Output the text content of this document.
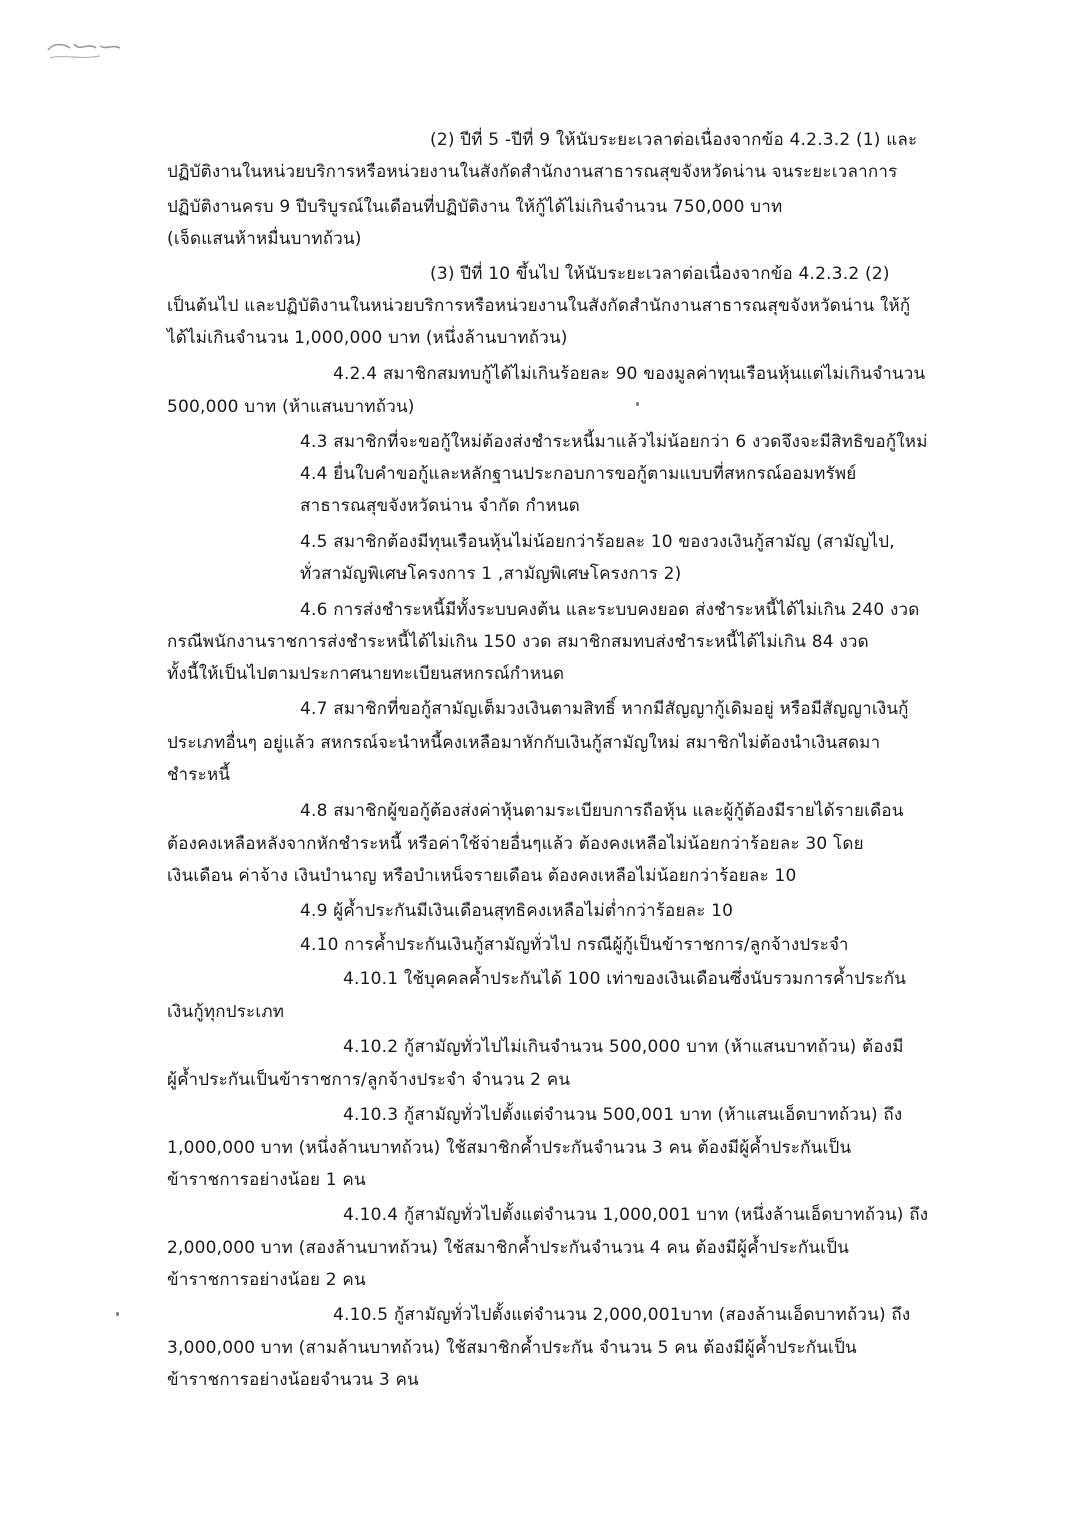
(2) ปีที่ 5 -ปีที่ 9 ให้นับระยะเวลาต่อเนื่องจากข้อ 4.2.3.2 (1) และ
ปฏิบัติงานในหน่วยบริการหรือหน่วยงานในสังกัดสำนักงานสาธารณสุขจังหวัดน่าน จนระยะเวลาการ
ปฏิบัติงานครบ 9 ปีบริบูรณ์ในเดือนที่ปฏิบัติงาน ให้กู้ได้ไม่เกินจำนวน 750,000 บาท
(เจ็ดแสนห้าหมื่นบาทถ้วน)
(3) ปีที่ 10 ขึ้นไป ให้นับระยะเวลาต่อเนื่องจากข้อ 4.2.3.2 (2)
เป็นต้นไป และปฏิบัติงานในหน่วยบริการหรือหน่วยงานในสังกัดสำนักงานสาธารณสุขจังหวัดน่าน ให้กู้
ได้ไม่เกินจำนวน 1,000,000 บาท (หนึ่งล้านบาทถ้วน)
4.2.4 สมาชิกสมทบกู้ได้ไม่เกินร้อยละ 90 ของมูลค่าทุนเรือนหุ้นแต่ไม่เกินจำนวน
500,000 บาท (ห้าแสนบาทถ้วน)
4.3 สมาชิกที่จะขอกู้ใหม่ต้องส่งชำระหนี้มาแล้วไม่น้อยกว่า 6 งวดจึงจะมีสิทธิขอกู้ใหม่
4.4 ยื่นใบคำขอกู้และหลักฐานประกอบการขอกู้ตามแบบที่สหกรณ์ออมทรัพย์
สาธารณสุขจังหวัดน่าน จำกัด กำหนด
4.5 สมาชิกต้องมีทุนเรือนหุ้นไม่น้อยกว่าร้อยละ 10 ของวงเงินกู้สามัญ (สามัญไป,
ทั่วสามัญพิเศษโครงการ 1 ,สามัญพิเศษโครงการ 2)
4.6 การส่งชำระหนี้มีทั้งระบบคงต้น และระบบคงยอด ส่งชำระหนี้ได้ไม่เกิน 240 งวด
กรณีพนักงานราชการส่งชำระหนี้ได้ไม่เกิน 150 งวด สมาชิกสมทบส่งชำระหนี้ได้ไม่เกิน 84 งวด
ทั้งนี้ให้เป็นไปตามประกาศนายทะเบียนสหกรณ์กำหนด
4.7 สมาชิกที่ขอกู้สามัญเต็มวงเงินตามสิทธิ์ หากมีสัญญากู้เดิมอยู่ หรือมีสัญญาเงินกู้
ประเภทอื่นๆ อยู่แล้ว สหกรณ์จะนำหนี้คงเหลือมาหักกับเงินกู้สามัญใหม่ สมาชิกไม่ต้องนำเงินสดมา
ชำระหนี้
4.8 สมาชิกผู้ขอกู้ต้องส่งค่าหุ้นตามระเบียบการถือหุ้น และผู้กู้ต้องมีรายได้รายเดือน
ต้องคงเหลือหลังจากหักชำระหนี้ หรือค่าใช้จ่ายอื่นๆแล้ว ต้องคงเหลือไม่น้อยกว่าร้อยละ 30 โดย
เงินเดือน ค่าจ้าง เงินบำนาญ หรือบำเหน็จรายเดือน ต้องคงเหลือไม่น้อยกว่าร้อยละ 10
4.9 ผู้ค้ำประกันมีเงินเดือนสุทธิคงเหลือไม่ต่ำกว่าร้อยละ 10
4.10 การค้ำประกันเงินกู้สามัญทั่วไป กรณีผู้กู้เป็นข้าราชการ/ลูกจ้างประจำ
4.10.1 ใช้บุคคลค้ำประกันได้ 100 เท่าของเงินเดือนซึ่งนับรวมการค้ำประกัน
เงินกู้ทุกประเภท
4.10.2 กู้สามัญทั่วไปไม่เกินจำนวน 500,000 บาท (ห้าแสนบาทถ้วน) ต้องมี
ผู้ค้ำประกันเป็นข้าราชการ/ลูกจ้างประจำ จำนวน 2 คน
4.10.3 กู้สามัญทั่วไปตั้งแต่จำนวน 500,001 บาท (ห้าแสนเอ็ดบาทถ้วน) ถึง
1,000,000 บาท (หนึ่งล้านบาทถ้วน) ใช้สมาชิกค้ำประกันจำนวน 3 คน ต้องมีผู้ค้ำประกันเป็น
ข้าราชการอย่างน้อย 1 คน
4.10.4 กู้สามัญทั่วไปตั้งแต่จำนวน 1,000,001 บาท (หนึ่งล้านเอ็ดบาทถ้วน) ถึง
2,000,000 บาท (สองล้านบาทถ้วน) ใช้สมาชิกค้ำประกันจำนวน 4 คน ต้องมีผู้ค้ำประกันเป็น
ข้าราชการอย่างน้อย 2 คน
4.10.5 กู้สามัญทั่วไปตั้งแต่จำนวน 2,000,001บาท (สองล้านเอ็ดบาทถ้วน) ถึง
3,000,000 บาท (สามล้านบาทถ้วน) ใช้สมาชิกค้ำประกัน จำนวน 5 คน ต้องมีผู้ค้ำประกันเป็น
ข้าราชการอย่างน้อยจำนวน 3 คน
